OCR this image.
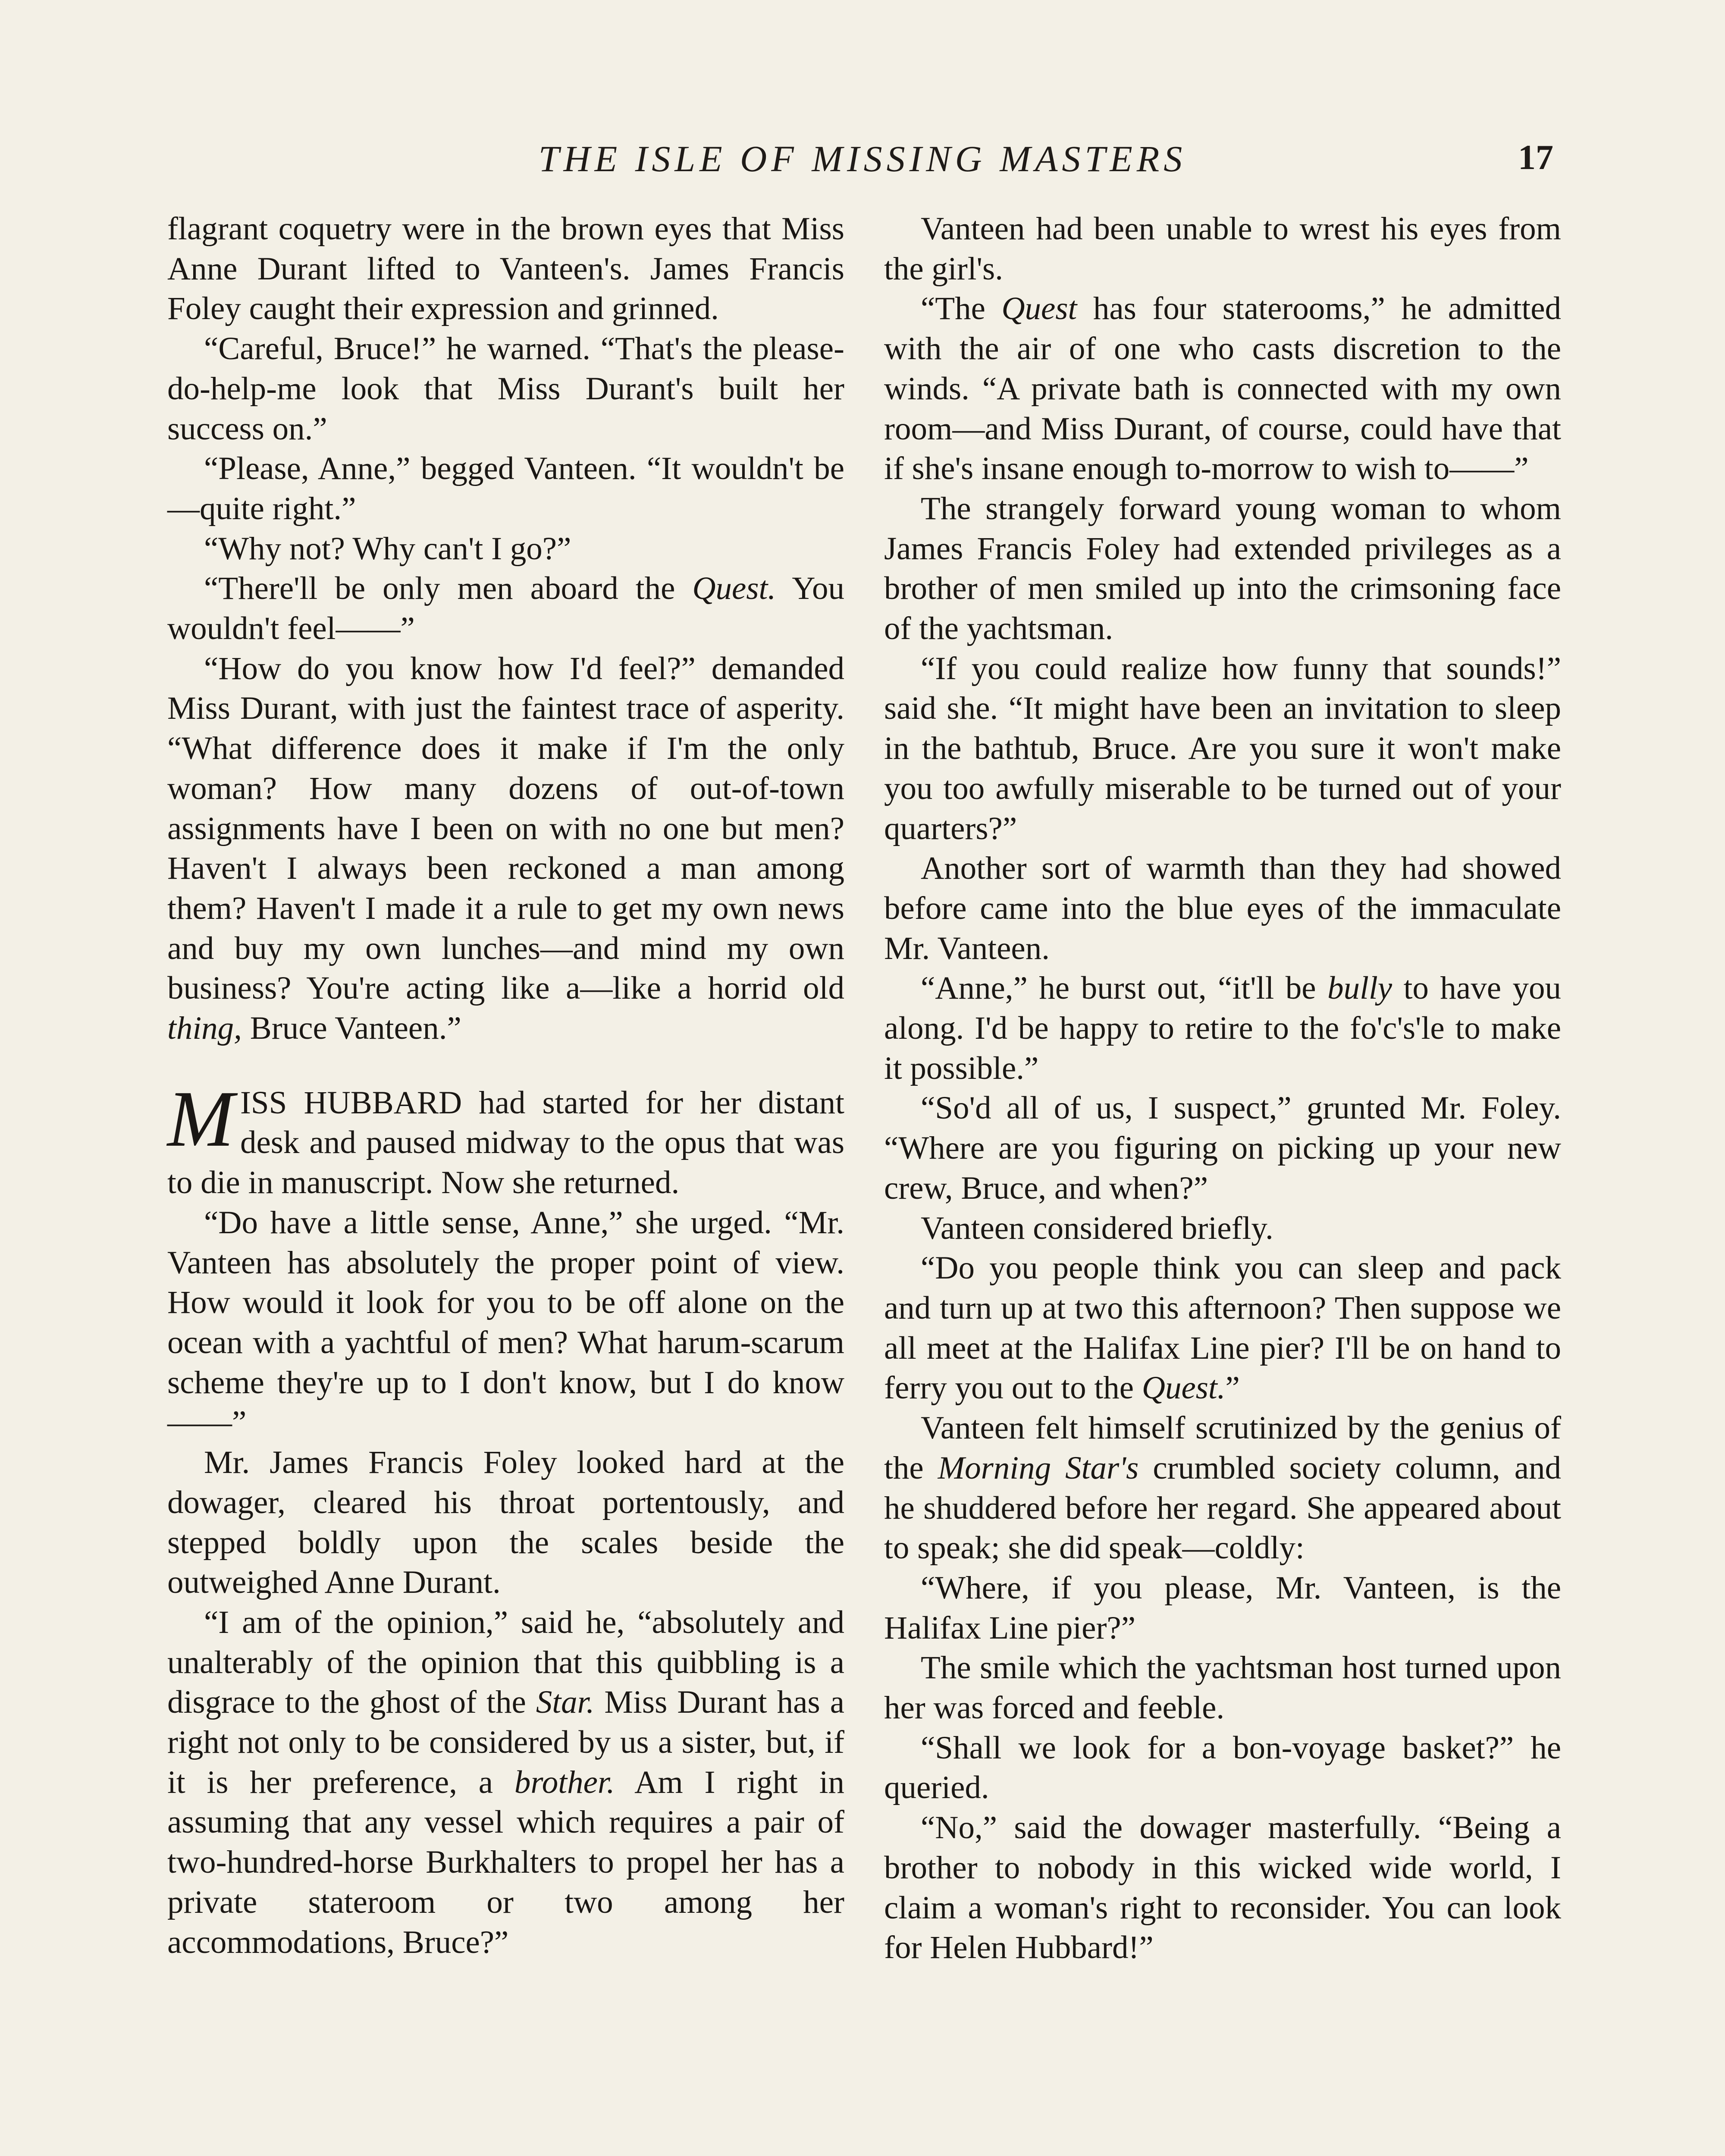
THE ISLE OF MISSING MASTERS	17

flagrant coquetry were in the brown eyes that Miss Anne Durant lifted to Vanteen's. James Francis Foley caught their expression and grinned.

“Careful, Bruce!” he warned. “That's the please-do-help-me look that Miss Durant's built her success on.”

“Please, Anne,” begged Vanteen. “It wouldn't be—quite right.”

“Why not? Why can't I go?”

“There'll be only men aboard the Quest. You wouldn't feel——”

“How do you know how I'd feel?” demanded Miss Durant, with just the faintest trace of asperity. “What difference does it make if I'm the only woman? How many dozens of out-of-town assignments have I been on with no one but men? Haven't I always been reckoned a man among them? Haven't I made it a rule to get my own news and buy my own lunches—and mind my own business? You're acting like a—like a horrid old thing, Bruce Vanteen.”

MISS HUBBARD had started for her distant desk and paused midway to the opus that was to die in manuscript. Now she returned.

“Do have a little sense, Anne,” she urged. “Mr. Vanteen has absolutely the proper point of view. How would it look for you to be off alone on the ocean with a yachtful of men? What harum-scarum scheme they're up to I don't know, but I do know——”

Mr. James Francis Foley looked hard at the dowager, cleared his throat portentously, and stepped boldly upon the scales beside the outweighed Anne Durant.

“I am of the opinion,” said he, “absolutely and unalterably of the opinion that this quibbling is a disgrace to the ghost of the Star. Miss Durant has a right not only to be considered by us a sister, but, if it is her preference, a brother. Am I right in assuming that any vessel which requires a pair of two-hundred-horse Burkhalters to propel her has a private stateroom or two among her accommodations, Bruce?”

Vanteen had been unable to wrest his eyes from the girl's.

“The Quest has four staterooms,” he admitted with the air of one who casts discretion to the winds. “A private bath is connected with my own room—and Miss Durant, of course, could have that if she's insane enough to-morrow to wish to——”

The strangely forward young woman to whom James Francis Foley had extended privileges as a brother of men smiled up into the crimsoning face of the yachtsman.

“If you could realize how funny that sounds!” said she. “It might have been an invitation to sleep in the bathtub, Bruce. Are you sure it won't make you too awfully miserable to be turned out of your quarters?”

Another sort of warmth than they had showed before came into the blue eyes of the immaculate Mr. Vanteen.

“Anne,” he burst out, “it'll be bully to have you along. I'd be happy to retire to the fo'c's'le to make it possible.”

“So'd all of us, I suspect,” grunted Mr. Foley. “Where are you figuring on picking up your new crew, Bruce, and when?”

Vanteen considered briefly.

“Do you people think you can sleep and pack and turn up at two this afternoon? Then suppose we all meet at the Halifax Line pier? I'll be on hand to ferry you out to the Quest.”

Vanteen felt himself scrutinized by the genius of the Morning Star's crumbled society column, and he shuddered before her regard. She appeared about to speak; she did speak—coldly:

“Where, if you please, Mr. Vanteen, is the Halifax Line pier?”

The smile which the yachtsman host turned upon her was forced and feeble.

“Shall we look for a bon-voyage basket?” he queried.

“No,” said the dowager masterfully. “Being a brother to nobody in this wicked wide world, I claim a woman's right to reconsider. You can look for Helen Hubbard!”
